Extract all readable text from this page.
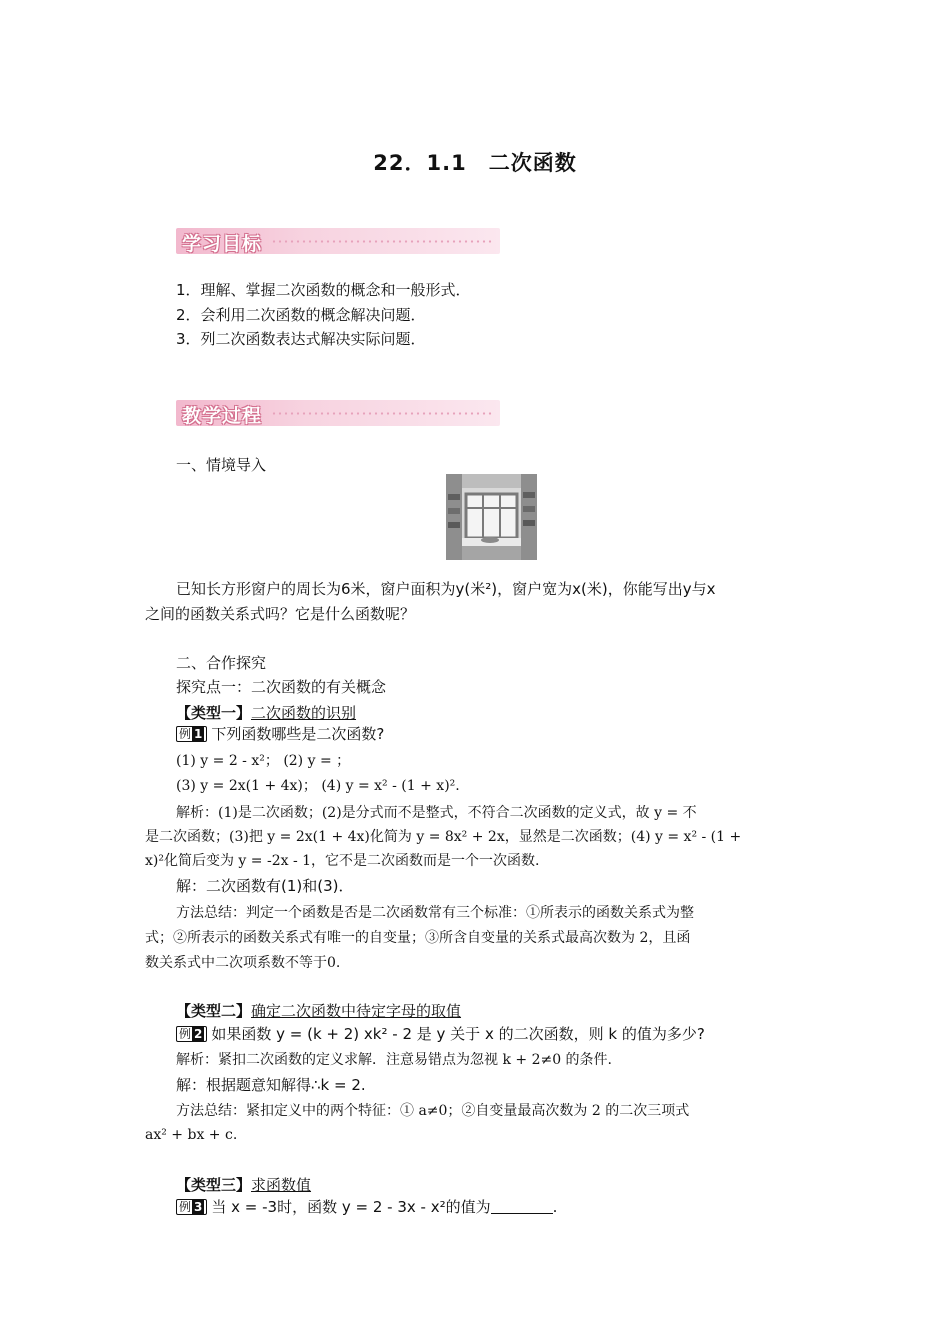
22．1.1　二次函数
学习目标
1．理解、掌握二次函数的概念和一般形式．
2．会利用二次函数的概念解决问题．
3．列二次函数表达式解决实际问题．
教学过程
一、情境导入
已知长方形窗户的周长为6米，窗户面积为y(米²)，窗户宽为x(米)，你能写出y与x
之间的函数关系式吗？它是什么函数呢？
二、合作探究
探究点一：二次函数的有关概念
【类型一】二次函数的识别
例 1 下列函数哪些是二次函数?
(1) y = 2 - x²； (2) y = ；
(3) y = 2x(1 + 4x)； (4) y = x² - (1 + x)².
解析：(1)是二次函数；(2)是分式而不是整式，不符合二次函数的定义式，故 y = 不
是二次函数；(3)把 y = 2x(1 + 4x)化简为 y = 8x² + 2x，显然是二次函数；(4) y = x² - (1 +
x)²化简后变为 y = -2x - 1，它不是二次函数而是一个一次函数.
解：二次函数有(1)和(3)．
方法总结：判定一个函数是否是二次函数常有三个标准：①所表示的函数关系式为整
式；②所表示的函数关系式有唯一的自变量；③所含自变量的关系式最高次数为 2，且函
数关系式中二次项系数不等于0.
【类型二】确定二次函数中待定字母的取值
例 2 如果函数 y = (k + 2) xk² - 2 是 y 关于 x 的二次函数，则 k 的值为多少?
解析：紧扣二次函数的定义求解．注意易错点为忽视 k + 2≠0 的条件.
解：根据题意知解得∴k = 2.
方法总结：紧扣定义中的两个特征：① a≠0；②自变量最高次数为 2 的二次三项式
ax² + bx + c.
【类型三】求函数值
例 3 当 x = -3时，函数 y = 2 - 3x - x²的值为	.
